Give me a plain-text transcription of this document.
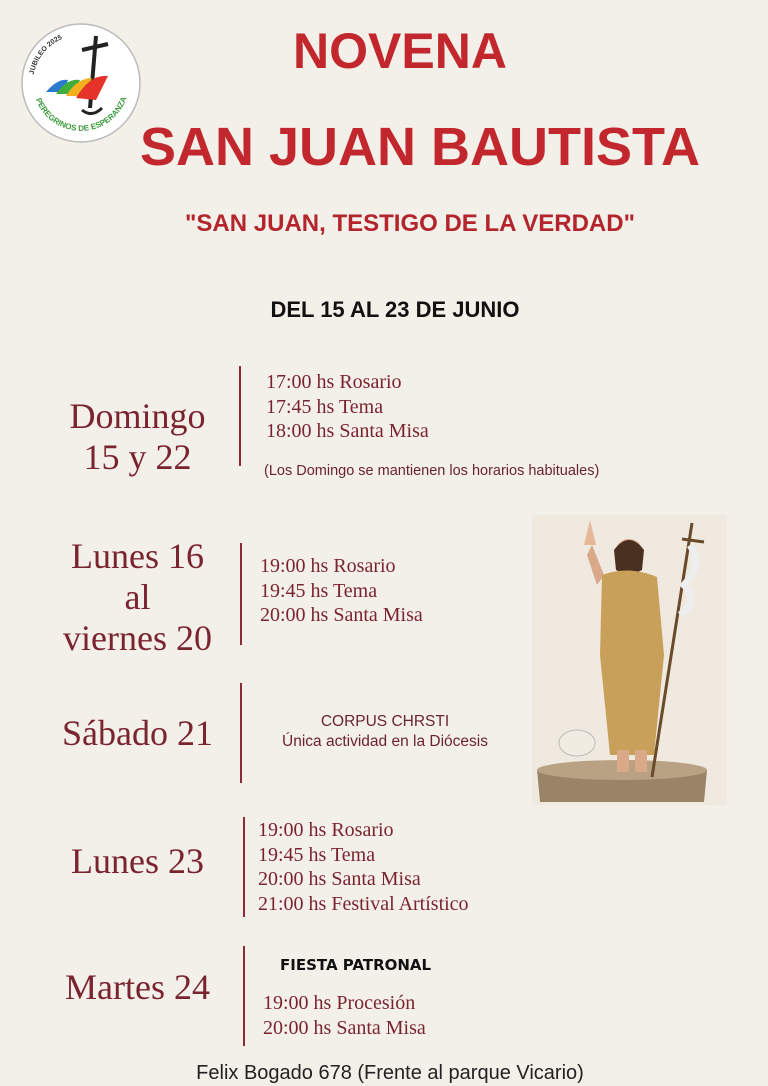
JUBILEO 2025
PEREGRINOS DE ESPERANZA
NOVENA
SAN JUAN BAUTISTA
"SAN JUAN, TESTIGO DE LA VERDAD"
DEL 15 AL 23 DE JUNIO
Domingo
15 y 22
17:00 hs Rosario
17:45 hs Tema
18:00 hs Santa Misa
(Los Domingo se mantienen los horarios habituales)
Lunes 16
al
viernes 20
19:00 hs Rosario
19:45 hs Tema
20:00 hs Santa Misa
Sábado 21	CORPUS CHRSTI
Única actividad en la Diócesis
Lunes 23
19:00 hs Rosario
19:45 hs Tema
20:00 hs Santa Misa
21:00 hs Festival Artístico
Martes 24
FIESTA PATRONAL
19:00 hs Procesión
20:00 hs Santa Misa
Felix Bogado 678 (Frente al parque Vicario)
